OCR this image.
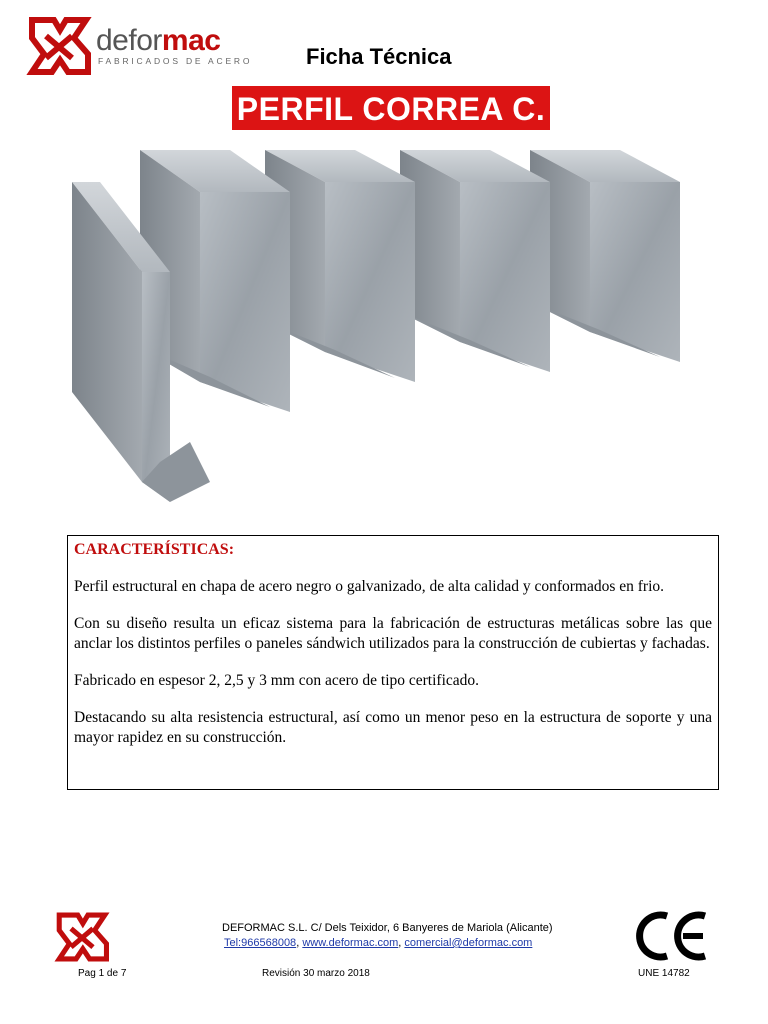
deformac
FABRICADOS DE ACERO Ficha Técnica
PERFIL CORREA C.
CARACTERÍSTICAS:

Perfil estructural en chapa de acero negro o galvanizado, de alta calidad y conformados en frio.

Con su diseño resulta un eficaz sistema para la fabricación de estructuras metálicas sobre las que anclar los distintos perfiles o paneles sándwich utilizados para la construcción de cubiertas y fachadas.

Fabricado en espesor 2, 2,5 y 3 mm con acero de tipo certificado.

Destacando su alta resistencia estructural, así como un menor peso en la estructura de soporte y una mayor rapidez en su construcción.

DEFORMAC S.L. C/ Dels Teixidor, 6 Banyeres de Mariola (Alicante)
Tel:966568008, www.deformac.com, comercial@deformac.com
Pag 1 de 7	Revisión 30 marzo 2018	UNE 14782
